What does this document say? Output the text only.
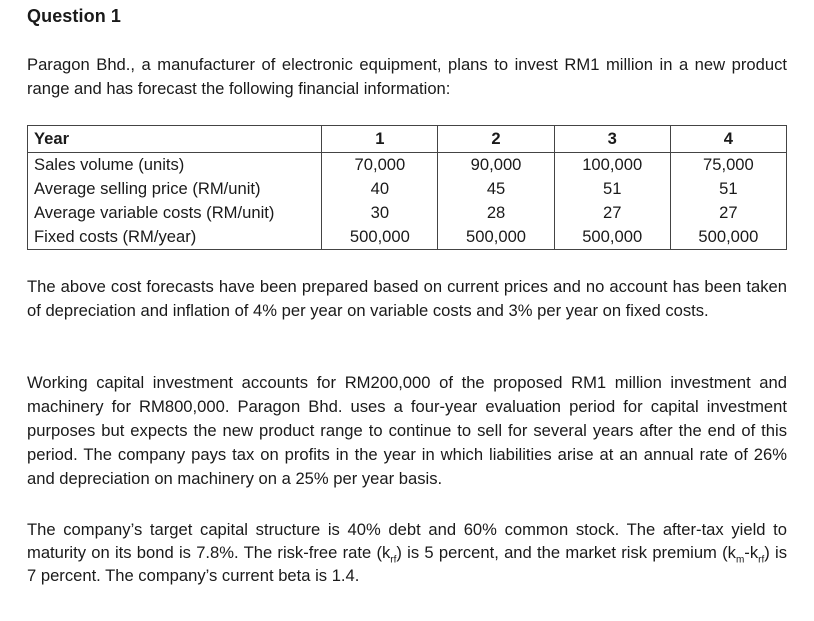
Question 1
Paragon Bhd., a manufacturer of electronic equipment, plans to invest RM1 million in a new product range and has forecast the following financial information:
Year	1	2	3	4
Sales volume (units)	70,000	90,000	100,000	75,000
Average selling price (RM/unit)	40	45	51	51
Average variable costs (RM/unit)	30	28	27	27
Fixed costs (RM/year)	500,000	500,000	500,000	500,000
The above cost forecasts have been prepared based on current prices and no account has been taken of depreciation and inflation of 4% per year on variable costs and 3% per year on fixed costs.
Working capital investment accounts for RM200,000 of the proposed RM1 million investment and machinery for RM800,000. Paragon Bhd. uses a four-year evaluation period for capital investment purposes but expects the new product range to continue to sell for several years after the end of this period. The company pays tax on profits in the year in which liabilities arise at an annual rate of 26% and depreciation on machinery on a 25% per year basis.
The company’s target capital structure is 40% debt and 60% common stock. The after-tax yield to maturity on its bond is 7.8%. The risk-free rate $(k_{rf})$ is 5 percent, and the market risk premium $(k_m-k_{rf})$ is 7 percent. The company’s current beta is 1.4.
